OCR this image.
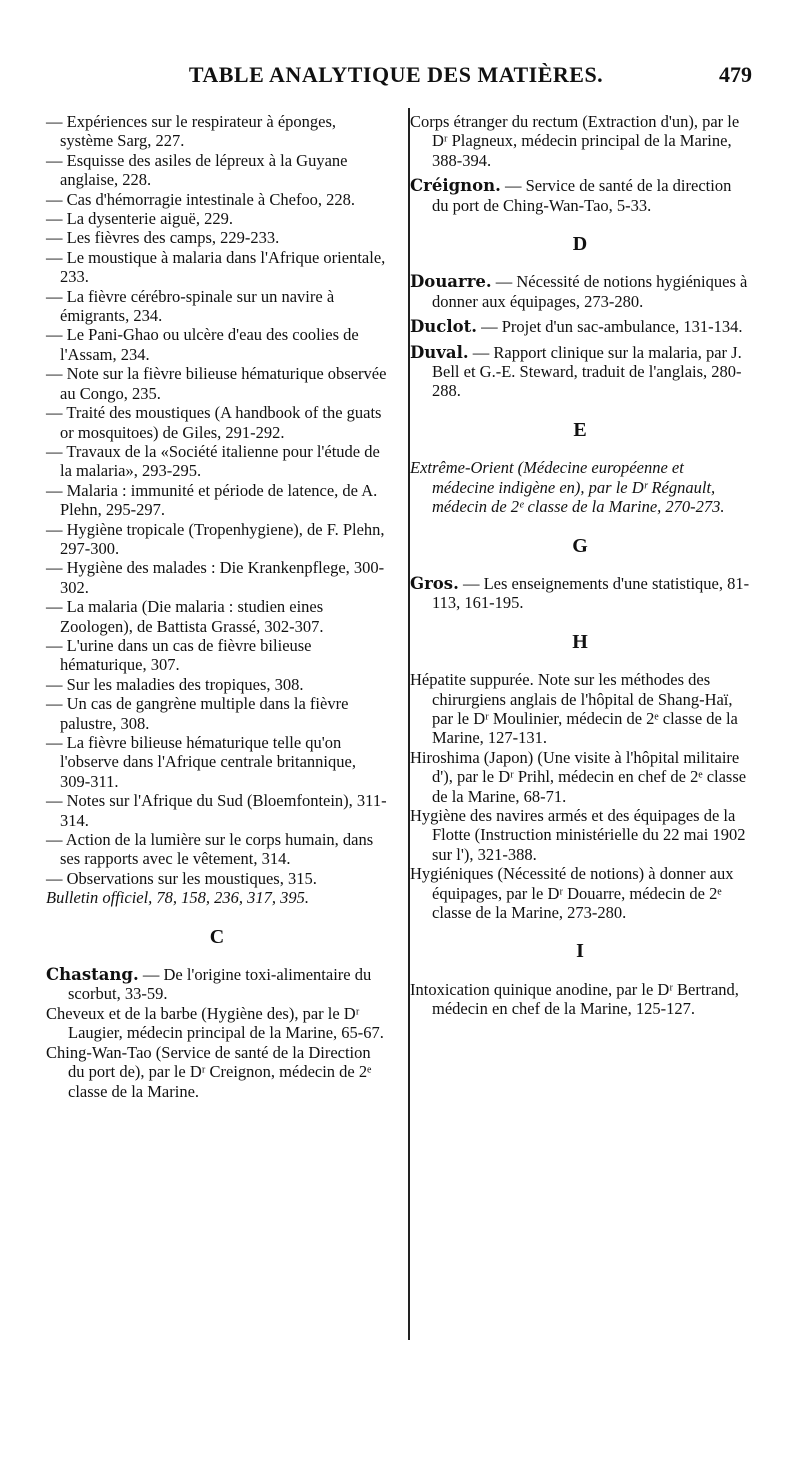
TABLE ANALYTIQUE DES MATIÈRES.	479

— Expériences sur le respirateur à éponges, système Sarg, 227.

— Esquisse des asiles de lépreux à la Guyane anglaise, 228.

— Cas d'hémorragie intestinale à Chefoo, 228.

— La dysenterie aiguë, 229.

— Les fièvres des camps, 229-233.

— Le moustique à malaria dans l'Afrique orientale, 233.

— La fièvre cérébro-spinale sur un navire à émigrants, 234.

— Le Pani-Ghao ou ulcère d'eau des coolies de l'Assam, 234.

— Note sur la fièvre bilieuse hématurique observée au Congo, 235.

— Traité des moustiques (A handbook of the guats or mosquitoes) de Giles, 291-292.

— Travaux de la «Société italienne pour l'étude de la malaria», 293-295.

— Malaria : immunité et période de latence, de A. Plehn, 295-297.

— Hygiène tropicale (Tropenhygiene), de F. Plehn, 297-300.

— Hygiène des malades : Die Krankenpflege, 300-302.

— La malaria (Die malaria : studien eines Zoologen), de Battista Grassé, 302-307.

— L'urine dans un cas de fièvre bilieuse hématurique, 307.

— Sur les maladies des tropiques, 308.

— Un cas de gangrène multiple dans la fièvre palustre, 308.

— La fièvre bilieuse hématurique telle qu'on l'observe dans l'Afrique centrale britannique, 309-311.

— Notes sur l'Afrique du Sud (Bloemfontein), 311-314.

— Action de la lumière sur le corps humain, dans ses rapports avec le vêtement, 314.

— Observations sur les moustiques, 315.

Bulletin officiel, 78, 158, 236, 317, 395.

C

Chastang. — De l'origine toxi-alimentaire du scorbut, 33-59.

Cheveux et de la barbe (Hygiène des), par le Dʳ Laugier, médecin principal de la Marine, 65-67.

Ching-Wan-Tao (Service de santé de la Direction du port de), par le Dʳ Creignon, médecin de 2ᵉ classe de la Marine.

Corps étranger du rectum (Extraction d'un), par le Dʳ Plagneux, médecin principal de la Marine, 388-394.

Créignon. — Service de santé de la direction du port de Ching-Wan-Tao, 5-33.

D

Douarre. — Nécessité de notions hygiéniques à donner aux équipages, 273-280.

Duclot. — Projet d'un sac-ambulance, 131-134.

Duval. — Rapport clinique sur la malaria, par J. Bell et G.-E. Steward, traduit de l'anglais, 280-288.

E

Extrême-Orient (Médecine européenne et médecine indigène en), par le Dʳ Régnault, médecin de 2ᵉ classe de la Marine, 270-273.

G

Gros. — Les enseignements d'une statistique, 81-113, 161-195.

H

Hépatite suppurée. Note sur les méthodes des chirurgiens anglais de l'hôpital de Shang-Haï, par le Dʳ Moulinier, médecin de 2ᵉ classe de la Marine, 127-131.

Hiroshima (Japon) (Une visite à l'hôpital militaire d'), par le Dʳ Prihl, médecin en chef de 2ᵉ classe de la Marine, 68-71.

Hygiène des navires armés et des équipages de la Flotte (Instruction ministérielle du 22 mai 1902 sur l'), 321-388.

Hygiéniques (Nécessité de notions) à donner aux équipages, par le Dʳ Douarre, médecin de 2ᵉ classe de la Marine, 273-280.

I

Intoxication quinique anodine, par le Dʳ Bertrand, médecin en chef de la Marine, 125-127.
